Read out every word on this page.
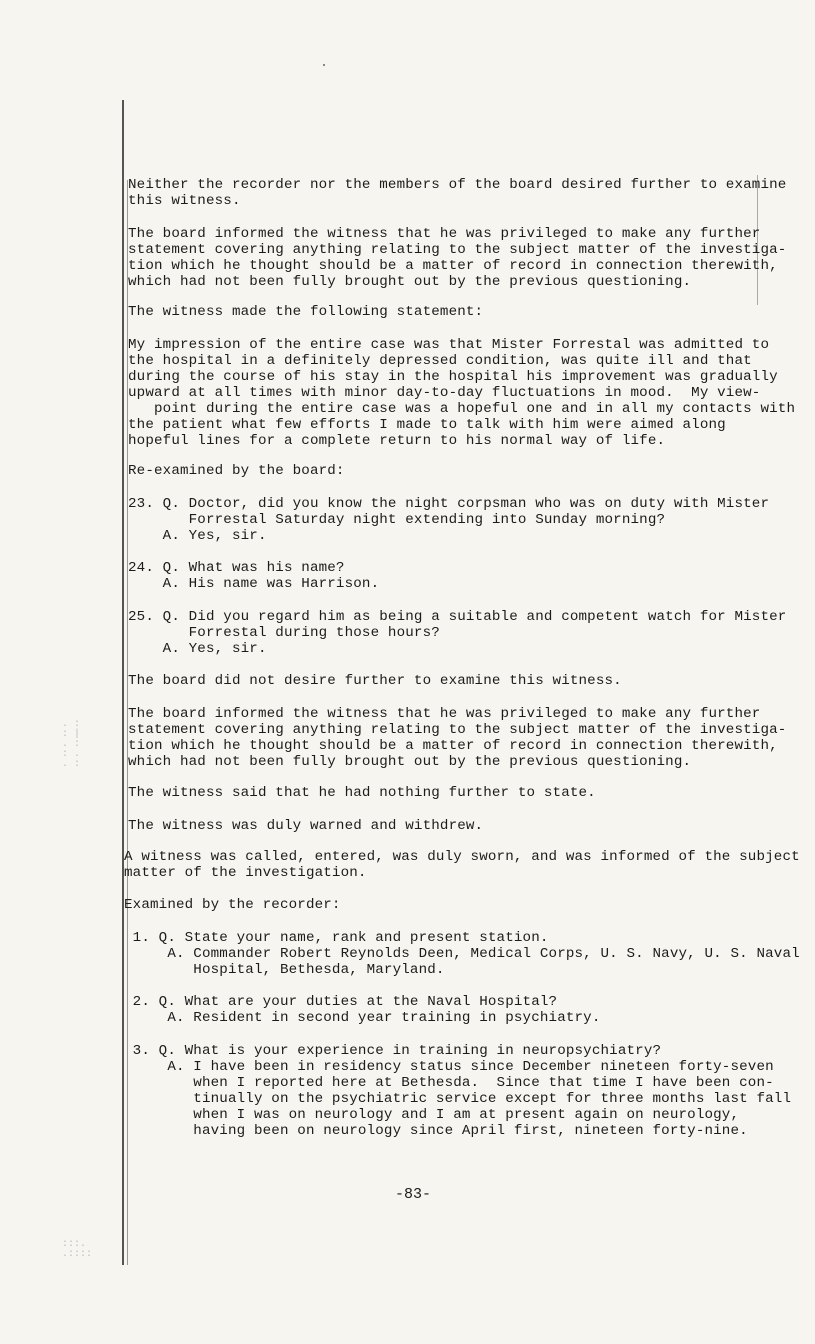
Neither the recorder nor the members of the board desired further to examine
this witness.
The board informed the witness that he was privileged to make any further
statement covering anything relating to the subject matter of the investiga-
tion which he thought should be a matter of record in connection therewith,
which had not been fully brought out by the previous questioning.
The witness made the following statement:
My impression of the entire case was that Mister Forrestal was admitted to
the hospital in a definitely depressed condition, was quite ill and that
during the course of his stay in the hospital his improvement was gradually
upward at all times with minor day-to-day fluctuations in mood.  My view-
point during the entire case was a hopeful one and in all my contacts with
the patient what few efforts I made to talk with him were aimed along
hopeful lines for a complete return to his normal way of life.
Re-examined by the board:
23. Q. Doctor, did you know the night corpsman who was on duty with Mister
Forrestal Saturday night extending into Sunday morning?
A. Yes, sir.
24. Q. What was his name?
A. His name was Harrison.
25. Q. Did you regard him as being a suitable and competent watch for Mister
Forrestal during those hours?
A. Yes, sir.
The board did not desire further to examine this witness.
The board informed the witness that he was privileged to make any further
statement covering anything relating to the subject matter of the investiga-
tion which he thought should be a matter of record in connection therewith,
which had not been fully brought out by the previous questioning.
The witness said that he had nothing further to state.
The witness was duly warned and withdrew.
A witness was called, entered, was duly sworn, and was informed of the subject
matter of the investigation.
Examined by the recorder:
1. Q. State your name, rank and present station.
A. Commander Robert Reynolds Deen, Medical Corps, U. S. Navy, U. S. Naval
Hospital, Bethesda, Maryland.
2. Q. What are your duties at the Naval Hospital?
A. Resident in second year training in psychiatry.
3. Q. What is your experience in training in neuropsychiatry?
A. I have been in residency status since December nineteen forty-seven
when I reported here at Bethesda.  Since that time I have been con-
tinually on the psychiatric service except for three months last fall
when I was on neurology and I am at present again on neurology,
having been on neurology since April first, nineteen forty-nine.
-83-
. :
: |
. :
: .
. :
:::.
.::::
